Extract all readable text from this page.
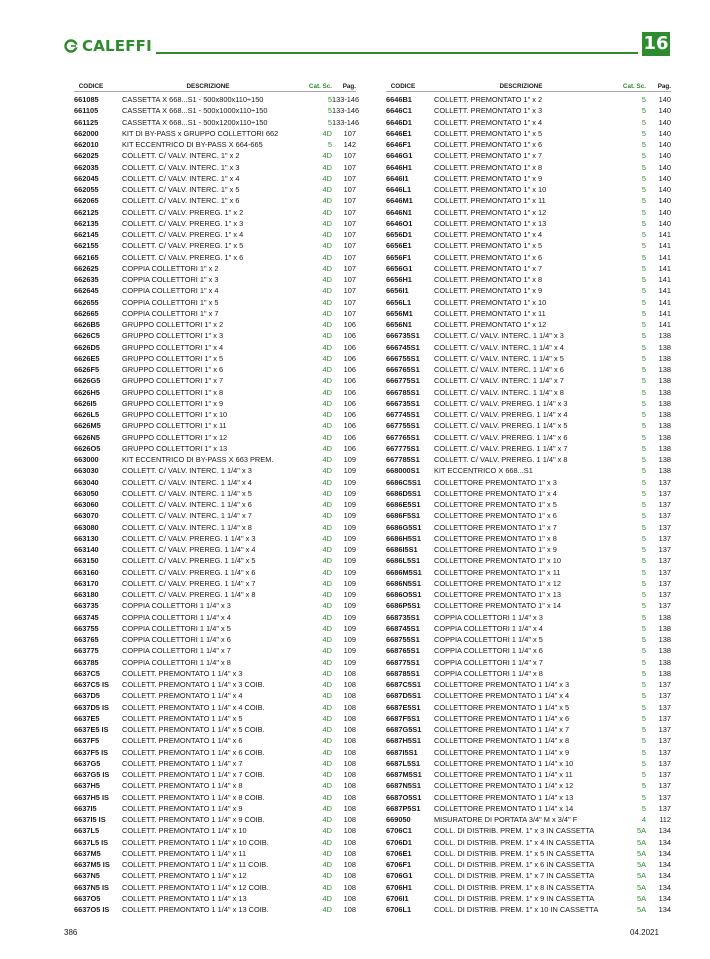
CALEFFI	16
CODICE	DESCRIZIONE	Cat. Sc.	Pag.
661085	CASSETTA X 668...S1 - 500x800x110÷150	5 133-146
661105	CASSETTA X 668...S1 - 500x1000x110÷150	5 133-146
661125	CASSETTA X 668...S1 - 500x1200x110÷150	5 133-146
662000	KIT DI BY-PASS x GRUPPO COLLETTORI 662	4D	107
662010	KIT ECCENTRICO DI BY-PASS X 664-665	5	142
662025	COLLETT. C/ VALV. INTERC. 1" x 2	4D	107
662035	COLLETT. C/ VALV. INTERC. 1" x 3	4D	107
662045	COLLETT. C/ VALV. INTERC. 1" x 4	4D	107
662055	COLLETT. C/ VALV. INTERC. 1" x 5	4D	107
662065	COLLETT. C/ VALV. INTERC. 1" x 6	4D	107
662125	COLLETT. C/ VALV. PREREG. 1" x 2	4D	107
662135	COLLETT. C/ VALV. PREREG. 1" x 3	4D	107
662145	COLLETT. C/ VALV. PREREG. 1" x 4	4D	107
662155	COLLETT. C/ VALV. PREREG. 1" x 5	4D	107
662165	COLLETT. C/ VALV. PREREG. 1" x 6	4D	107
662625	COPPIA COLLETTORI 1" x 2	4D	107
662635	COPPIA COLLETTORI 1" x 3	4D	107
662645	COPPIA COLLETTORI 1" x 4	4D	107
662655	COPPIA COLLETTORI 1" x 5	4D	107
662665	COPPIA COLLETTORI 1" x 7	4D	107
6626B5	GRUPPO COLLETTORI 1" x 2	4D	106
6626C5	GRUPPO COLLETTORI 1" x 3	4D	106
6626D5	GRUPPO COLLETTORI 1" x 4	4D	106
6626E5	GRUPPO COLLETTORI 1" x 5	4D	106
6626F5	GRUPPO COLLETTORI 1" x 6	4D	106
6626G5	GRUPPO COLLETTORI 1" x 7	4D	106
6626H5	GRUPPO COLLETTORI 1" x 8	4D	106
6626I5	GRUPPO COLLETTORI 1" x 9	4D	106
6626L5	GRUPPO COLLETTORI 1" x 10	4D	106
6626M5	GRUPPO COLLETTORI 1" x 11	4D	106
6626N5	GRUPPO COLLETTORI 1" x 12	4D	106
6626O5	GRUPPO COLLETTORI 1" x 13	4D	106
663000	KIT ECCENTRICO DI BY-PASS X 663 PREM.	4D	109
663030	COLLETT. C/ VALV. INTERC. 1 1/4" x 3	4D	109
663040	COLLETT. C/ VALV. INTERC. 1 1/4" x 4	4D	109
663050	COLLETT. C/ VALV. INTERC. 1 1/4" x 5	4D	109
663060	COLLETT. C/ VALV. INTERC. 1 1/4" x 6	4D	109
663070	COLLETT. C/ VALV. INTERC. 1 1/4" x 7	4D	109
663080	COLLETT. C/ VALV. INTERC. 1 1/4" x 8	4D	109
663130	COLLETT. C/ VALV. PREREG. 1 1/4" x 3	4D	109
663140	COLLETT. C/ VALV. PREREG. 1 1/4" x 4	4D	109
663150	COLLETT. C/ VALV. PREREG. 1 1/4" x 5	4D	109
663160	COLLETT. C/ VALV. PREREG. 1 1/4" x 6	4D	109
663170	COLLETT. C/ VALV. PREREG. 1 1/4" x 7	4D	109
663180	COLLETT. C/ VALV. PREREG. 1 1/4" x 8	4D	109
663735	COPPIA COLLETTORI 1 1/4" x 3	4D	109
663745	COPPIA COLLETTORI 1 1/4" x 4	4D	109
663755	COPPIA COLLETTORI 1 1/4" x 5	4D	109
663765	COPPIA COLLETTORI 1 1/4" x 6	4D	109
663775	COPPIA COLLETTORI 1 1/4" x 7	4D	109
663785	COPPIA COLLETTORI 1 1/4" x 8	4D	109
6637C5	COLLETT. PREMONTATO 1 1/4" x 3	4D	108
6637C5 IS	COLLETT. PREMONTATO 1 1/4" x 3 COIB.	4D	108
6637D5	COLLETT. PREMONTATO 1 1/4" x 4	4D	108
6637D5 IS	COLLETT. PREMONTATO 1 1/4" x 4 COIB.	4D	108
6637E5	COLLETT. PREMONTATO 1 1/4" x 5	4D	108
6637E5 IS	COLLETT. PREMONTATO 1 1/4" x 5 COIB.	4D	108
6637F5	COLLETT. PREMONTATO 1 1/4" x 6	4D	108
6637F5 IS	COLLETT. PREMONTATO 1 1/4" x 6 COIB.	4D	108
6637G5	COLLETT. PREMONTATO 1 1/4" x 7	4D	108
6637G5 IS	COLLETT. PREMONTATO 1 1/4" x 7 COIB.	4D	108
6637H5	COLLETT. PREMONTATO 1 1/4" x 8	4D	108
6637H5 IS	COLLETT. PREMONTATO 1 1/4" x 8 COIB.	4D	108
6637I5	COLLETT. PREMONTATO 1 1/4" x 9	4D	108
6637I5 IS	COLLETT. PREMONTATO 1 1/4" x 9 COIB.	4D	108
6637L5	COLLETT. PREMONTATO 1 1/4" x 10	4D	108
6637L5 IS	COLLETT. PREMONTATO 1 1/4" x 10 COIB.	4D	108
6637M5	COLLETT. PREMONTATO 1 1/4" x 11	4D	108
6637M5 IS	COLLETT. PREMONTATO 1 1/4" x 11 COIB.	4D	108
6637N5	COLLETT. PREMONTATO 1 1/4" x 12	4D	108
6637N5 IS	COLLETT. PREMONTATO 1 1/4" x 12 COIB.	4D	108
6637O5	COLLETT. PREMONTATO 1 1/4" x 13	4D	108
6637O5 IS	COLLETT. PREMONTATO 1 1/4" x 13 COIB.	4D	108
CODICE	DESCRIZIONE	Cat. Sc.	Pag.
6646B1	COLLETT. PREMONTATO 1" x 2	5	140
6646C1	COLLETT. PREMONTATO 1" x 3	5	140
6646D1	COLLETT. PREMONTATO 1" x 4	5	140
6646E1	COLLETT. PREMONTATO 1" x 5	5	140
6646F1	COLLETT. PREMONTATO 1" x 6	5	140
6646G1	COLLETT. PREMONTATO 1" x 7	5	140
6646H1	COLLETT. PREMONTATO 1" x 8	5	140
6646I1	COLLETT. PREMONTATO 1" x 9	5	140
6646L1	COLLETT. PREMONTATO 1" x 10	5	140
6646M1	COLLETT. PREMONTATO 1" x 11	5	140
6646N1	COLLETT. PREMONTATO 1" x 12	5	140
6646O1	COLLETT. PREMONTATO 1" x 13	5	140
6656D1	COLLETT. PREMONTATO 1" x 4	5	141
6656E1	COLLETT. PREMONTATO 1" x 5	5	141
6656F1	COLLETT. PREMONTATO 1" x 6	5	141
6656G1	COLLETT. PREMONTATO 1" x 7	5	141
6656H1	COLLETT. PREMONTATO 1" x 8	5	141
6656I1	COLLETT. PREMONTATO 1" x 9	5	141
6656L1	COLLETT. PREMONTATO 1" x 10	5	141
6656M1	COLLETT. PREMONTATO 1" x 11	5	141
6656N1	COLLETT. PREMONTATO 1" x 12	5	141
666735S1	COLLETT. C/ VALV. INTERC. 1 1/4" x 3	5	138
666745S1	COLLETT. C/ VALV. INTERC. 1 1/4" x 4	5	138
666755S1	COLLETT. C/ VALV. INTERC. 1 1/4" x 5	5	138
666765S1	COLLETT. C/ VALV. INTERC. 1 1/4" x 6	5	138
666775S1	COLLETT. C/ VALV. INTERC. 1 1/4" x 7	5	138
666785S1	COLLETT. C/ VALV. INTERC. 1 1/4" x 8	5	138
666735S1	COLLETT. C/ VALV. PREREG. 1 1/4" x 3	5	138
667745S1	COLLETT. C/ VALV. PREREG. 1 1/4" x 4	5	138
667755S1	COLLETT. C/ VALV. PREREG. 1 1/4" x 5	5	138
667765S1	COLLETT. C/ VALV. PREREG. 1 1/4" x 6	5	138
667775S1	COLLETT. C/ VALV. PREREG. 1 1/4" x 7	5	138
667785S1	COLLETT. C/ VALV. PREREG. 1 1/4" x 8	5	138
668000S1	KIT ECCENTRICO X 668...S1	5	138
6686C5S1	COLLETTORE PREMONTATO 1" x 3	5	137
6686D5S1	COLLETTORE PREMONTATO 1" x 4	5	137
6686E5S1	COLLETTORE PREMONTATO 1" x 5	5	137
6686F5S1	COLLETTORE PREMONTATO 1" x 6	5	137
6686G5S1	COLLETTORE PREMONTATO 1" x 7	5	137
6686H5S1	COLLETTORE PREMONTATO 1" x 8	5	137
6686I5S1	COLLETTORE PREMONTATO 1" x 9	5	137
6686L5S1	COLLETTORE PREMONTATO 1" x 10	5	137
6686M5S1	COLLETTORE PREMONTATO 1" x 11	5	137
6686N5S1	COLLETTORE PREMONTATO 1" x 12	5	137
6686O5S1	COLLETTORE PREMONTATO 1" x 13	5	137
6686P5S1	COLLETTORE PREMONTATO 1" x 14	5	137
668735S1	COPPIA COLLETTORI 1 1/4" x 3	5	138
668745S1	COPPIA COLLETTORI 1 1/4" x 4	5	138
668755S1	COPPIA COLLETTORI 1 1/4" x 5	5	138
668765S1	COPPIA COLLETTORI 1 1/4" x 6	5	138
668775S1	COPPIA COLLETTORI 1 1/4" x 7	5	138
668785S1	COPPIA COLLETTORI 1 1/4" x 8	5	138
6687C5S1	COLLETTORE PREMONTATO 1 1/4" x 3	5	137
6687D5S1	COLLETTORE PREMONTATO 1 1/4" x 4	5	137
6687E5S1	COLLETTORE PREMONTATO 1 1/4" x 5	5	137
6687F5S1	COLLETTORE PREMONTATO 1 1/4" x 6	5	137
6687G5S1	COLLETTORE PREMONTATO 1 1/4" x 7	5	137
6687H5S1	COLLETTORE PREMONTATO 1 1/4" x 8	5	137
6687I5S1	COLLETTORE PREMONTATO 1 1/4" x 9	5	137
6687L5S1	COLLETTORE PREMONTATO 1 1/4" x 10	5	137
6687M5S1	COLLETTORE PREMONTATO 1 1/4" x 11	5	137
6687N5S1	COLLETTORE PREMONTATO 1 1/4" x 12	5	137
6687O5S1	COLLETTORE PREMONTATO 1 1/4" x 13	5	137
6687P5S1	COLLETTORE PREMONTATO 1 1/4" x 14	5	137
669050	MISURATORE DI PORTATA 3/4" M x 3/4" F	4	112
6706C1	COLL. DI DISTRIB. PREM. 1" x 3 IN CASSETTA	5A	134
6706D1	COLL. DI DISTRIB. PREM. 1" x 4 IN CASSETTA	5A	134
6706E1	COLL. DI DISTRIB. PREM. 1" x 5 IN CASSETTA	5A	134
6706F1	COLL. DI DISTRIB. PREM. 1" x 6 IN CASSETTA	5A	134
6706G1	COLL. DI DISTRIB. PREM. 1" x 7 IN CASSETTA	5A	134
6706H1	COLL. DI DISTRIB. PREM. 1" x 8 IN CASSETTA	5A	134
6706I1	COLL. DI DISTRIB. PREM. 1" x 9 IN CASSETTA	5A	134
6706L1	COLL. DI DISTRIB. PREM. 1" x 10 IN CASSETTA	5A	134
386	04.2021
